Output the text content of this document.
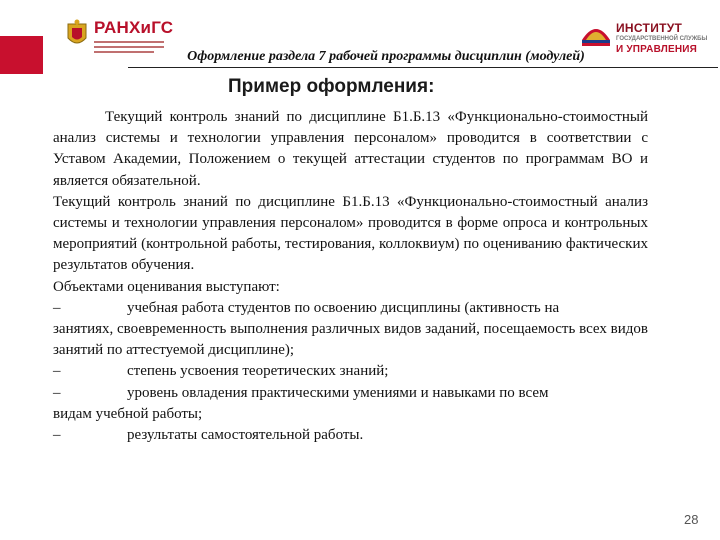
РАНХиГС	ИНСТИТУТ
ГОСУДАРСТВЕННОЙ СЛУЖБЫ
И УПРАВЛЕНИЯ
Оформление раздела 7 рабочей программы дисциплин (модулей)
Пример оформления:

Текущий контроль знаний по дисциплине Б1.Б.13 «Функционально-стоимостный анализ системы и технологии управления персоналом» проводится в соответствии с Уставом Академии, Положением о текущей аттестации студентов по программам ВО и является обязательной.

Текущий контроль знаний по дисциплине Б1.Б.13 «Функционально-стоимостный анализ системы и технологии управления персоналом» проводится в форме опроса и контрольных мероприятий (контрольной работы, тестирования, коллоквиум) по оцениванию фактических результатов обучения.

Объектами оценивания выступают:

–	учебная работа студентов по освоению дисциплины (активность на

занятиях, своевременность выполнения различных видов заданий, посещаемость всех видов занятий по аттестуемой дисциплине);

–	степень усвоения теоретических знаний;
–	уровень овладения практическими умениями и навыками по всем

видам учебной работы;

–	результаты самостоятельной работы.
28
